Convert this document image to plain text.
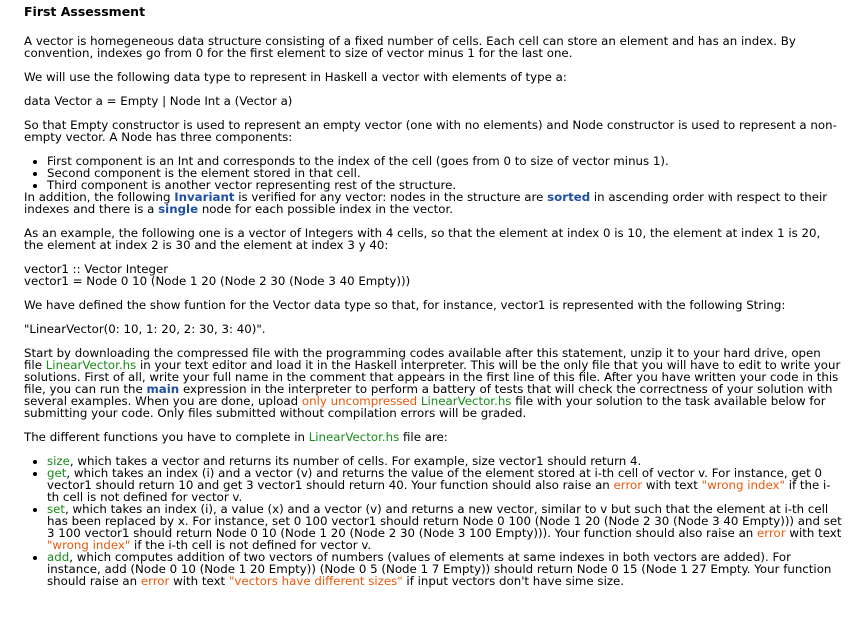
First Assessment

A vector is homegeneous data structure consisting of a fixed number of cells. Each cell can store an element and has an index. By convention, indexes go from 0 for the first element to size of vector minus 1 for the last one.

We will use the following data type to represent in Haskell a vector with elements of type a:

data Vector a = Empty | Node Int a (Vector a)

So that Empty constructor is used to represent an empty vector (one with no elements) and Node constructor is used to represent a non-empty vector. A Node has three components:

• First component is an Int and corresponds to the index of the cell (goes from 0 to size of vector minus 1).
• Second component is the element stored in that cell.
• Third component is another vector representing rest of the structure.

In addition, the following Invariant is verified for any vector: nodes in the structure are sorted in ascending order with respect to their indexes and there is a single node for each possible index in the vector.

As an example, the following one is a vector of Integers with 4 cells, so that the element at index 0 is 10, the element at index 1 is 20, the element at index 2 is 30 and the element at index 3 y 40:

vector1 :: Vector Integer
vector1 = Node 0 10 (Node 1 20 (Node 2 30 (Node 3 40 Empty)))

We have defined the show funtion for the Vector data type so that, for instance, vector1 is represented with the following String:

"LinearVector(0: 10, 1: 20, 2: 30, 3: 40)".

Start by downloading the compressed file with the programming codes available after this statement, unzip it to your hard drive, open file LinearVector.hs in your text editor and load it in the Haskell interpreter. This will be the only file that you will have to edit to write your solutions. First of all, write your full name in the comment that appears in the first line of this file. After you have written your code in this file, you can run the main expression in the interpreter to perform a battery of tests that will check the correctness of your solution with several examples. When you are done, upload only uncompressed LinearVector.hs file with your solution to the task available below for submitting your code. Only files submitted without compilation errors will be graded.

The different functions you have to complete in LinearVector.hs file are:

• size, which takes a vector and returns its number of cells. For example, size vector1 should return 4.
• get, which takes an index (i) and a vector (v) and returns the value of the element stored at i-th cell of vector v. For instance, get 0 vector1 should return 10 and get 3 vector1 should return 40. Your function should also raise an error with text "wrong index" if the i-th cell is not defined for vector v.
• set, which takes an index (i), a value (x) and a vector (v) and returns a new vector, similar to v but such that the element at i-th cell has been replaced by x. For instance, set 0 100 vector1 should return Node 0 100 (Node 1 20 (Node 2 30 (Node 3 40 Empty))) and set 3 100 vector1 should return Node 0 10 (Node 1 20 (Node 2 30 (Node 3 100 Empty))). Your function should also raise an error with text "wrong index" if the i-th cell is not defined for vector v.
• add, which computes addition of two vectors of numbers (values of elements at same indexes in both vectors are added). For instance, add (Node 0 10 (Node 1 20 Empty)) (Node 0 5 (Node 1 7 Empty)) should return Node 0 15 (Node 1 27 Empty. Your function should raise an error with text "vectors have different sizes" if input vectors don't have sime size.
